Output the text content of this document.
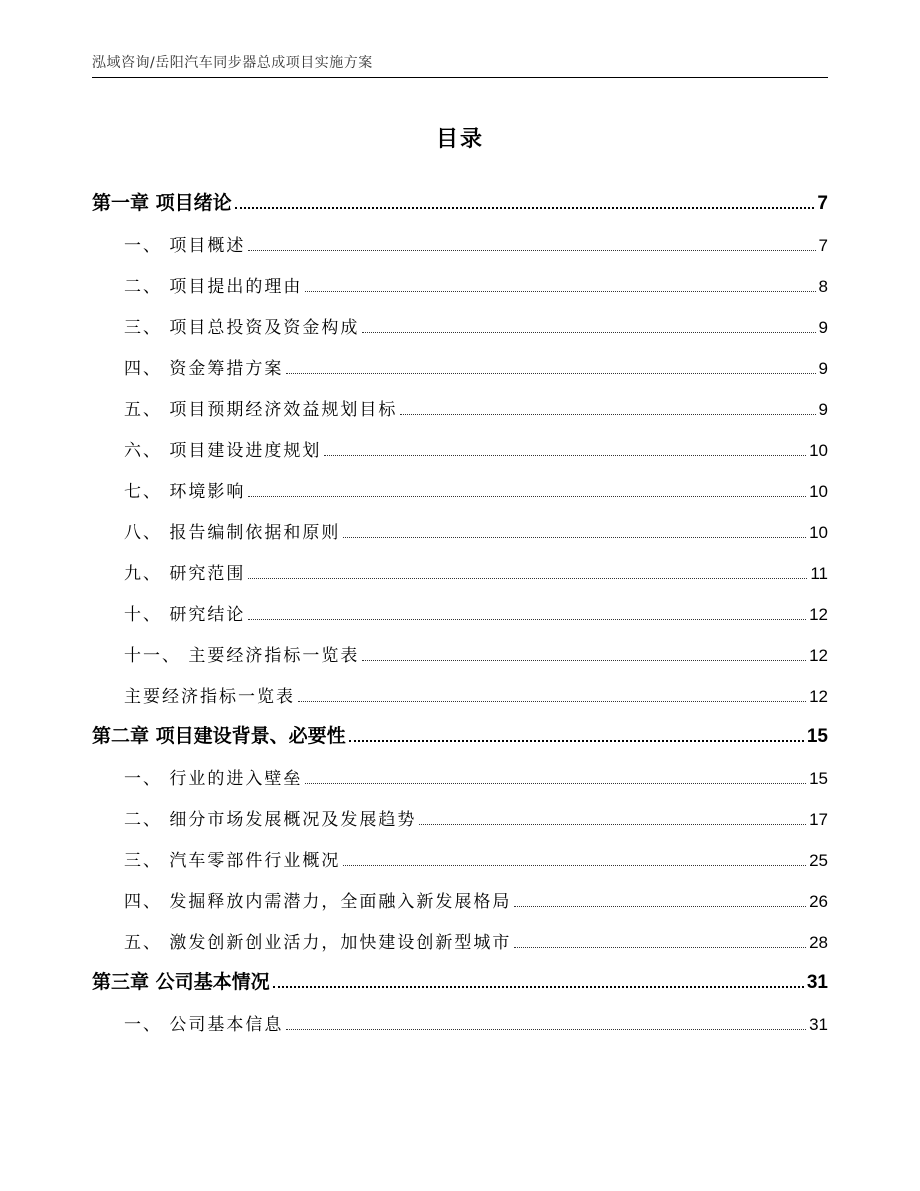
泓域咨询/岳阳汽车同步器总成项目实施方案
目录
第一章 项目绪论	7
一、 项目概述	7
二、 项目提出的理由	8
三、 项目总投资及资金构成	9
四、 资金筹措方案	9
五、 项目预期经济效益规划目标	9
六、 项目建设进度规划	10
七、 环境影响	10
八、 报告编制依据和原则	10
九、 研究范围	11
十、 研究结论	12
十一、 主要经济指标一览表	12
主要经济指标一览表	12
第二章 项目建设背景、必要性	15
一、 行业的进入壁垒	15
二、 细分市场发展概况及发展趋势	17
三、 汽车零部件行业概况	25
四、 发掘释放内需潜力，全面融入新发展格局	26
五、 激发创新创业活力，加快建设创新型城市	28
第三章 公司基本情况	31
一、 公司基本信息	31
